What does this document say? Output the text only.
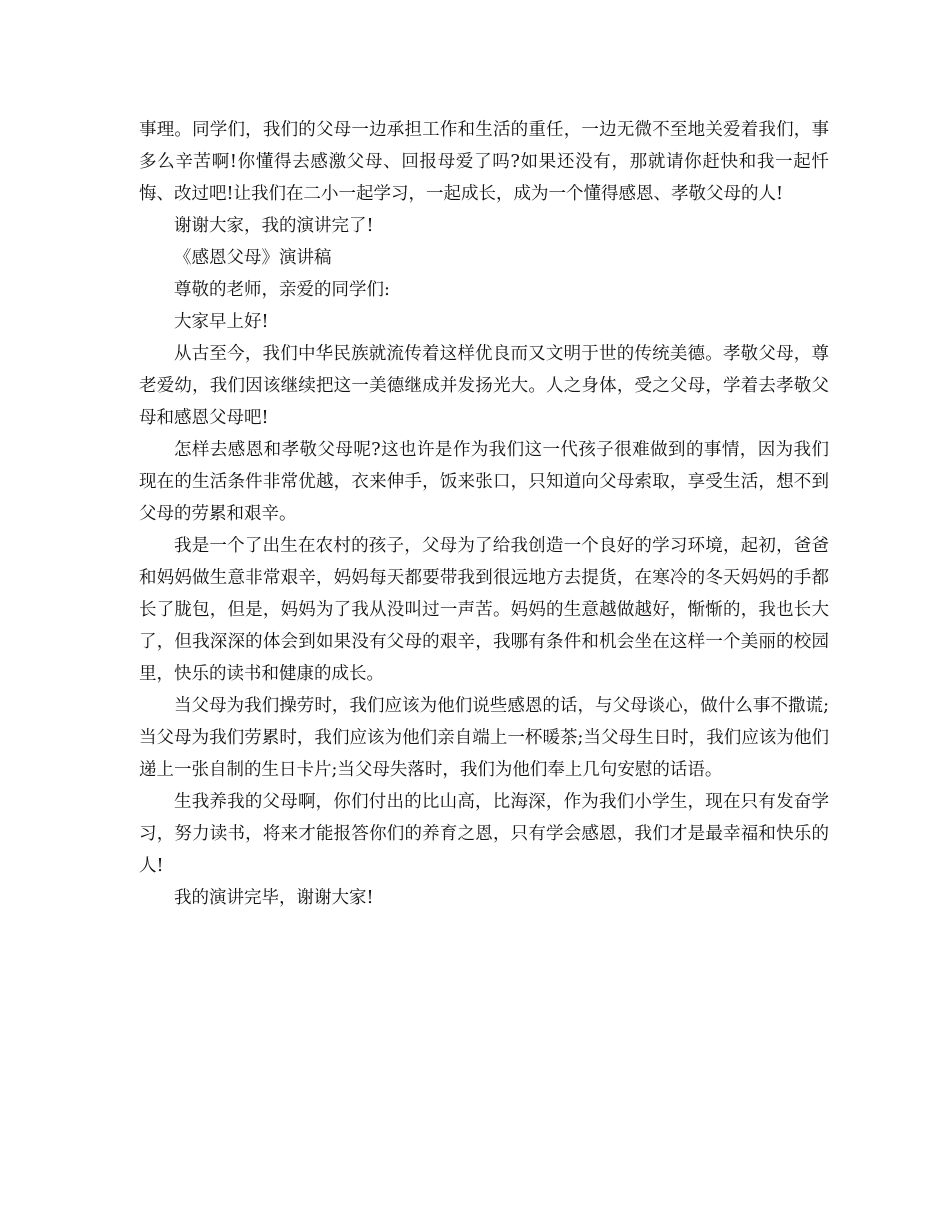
事理。同学们，我们的父母一边承担工作和生活的重任，一边无微不至地关爱着我们，事多么辛苦啊!你懂得去感激父母、回报母爱了吗?如果还没有，那就请你赶快和我一起忏悔、改过吧!让我们在二小一起学习，一起成长，成为一个懂得感恩、孝敬父母的人!

谢谢大家，我的演讲完了!

《感恩父母》演讲稿

尊敬的老师，亲爱的同学们:

大家早上好!

从古至今，我们中华民族就流传着这样优良而又文明于世的传统美德。孝敬父母，尊老爱幼，我们因该继续把这一美德继成并发扬光大。人之身体，受之父母，学着去孝敬父母和感恩父母吧!

怎样去感恩和孝敬父母呢?这也许是作为我们这一代孩子很难做到的事情，因为我们现在的生活条件非常优越，衣来伸手，饭来张口，只知道向父母索取，享受生活，想不到父母的劳累和艰辛。

我是一个了出生在农村的孩子，父母为了给我创造一个良好的学习环境，起初，爸爸和妈妈做生意非常艰辛，妈妈每天都要带我到很远地方去提货，在寒冷的冬天妈妈的手都长了胧包，但是，妈妈为了我从没叫过一声苦。妈妈的生意越做越好，惭惭的，我也长大了，但我深深的体会到如果没有父母的艰辛，我哪有条件和机会坐在这样一个美丽的校园里，快乐的读书和健康的成长。

当父母为我们操劳时，我们应该为他们说些感恩的话，与父母谈心，做什么事不撒谎;当父母为我们劳累时，我们应该为他们亲自端上一杯暖茶;当父母生日时，我们应该为他们递上一张自制的生日卡片;当父母失落时，我们为他们奉上几句安慰的话语。

生我养我的父母啊，你们付出的比山高，比海深，作为我们小学生，现在只有发奋学习，努力读书，将来才能报答你们的养育之恩，只有学会感恩，我们才是最幸福和快乐的人!

我的演讲完毕，谢谢大家!
